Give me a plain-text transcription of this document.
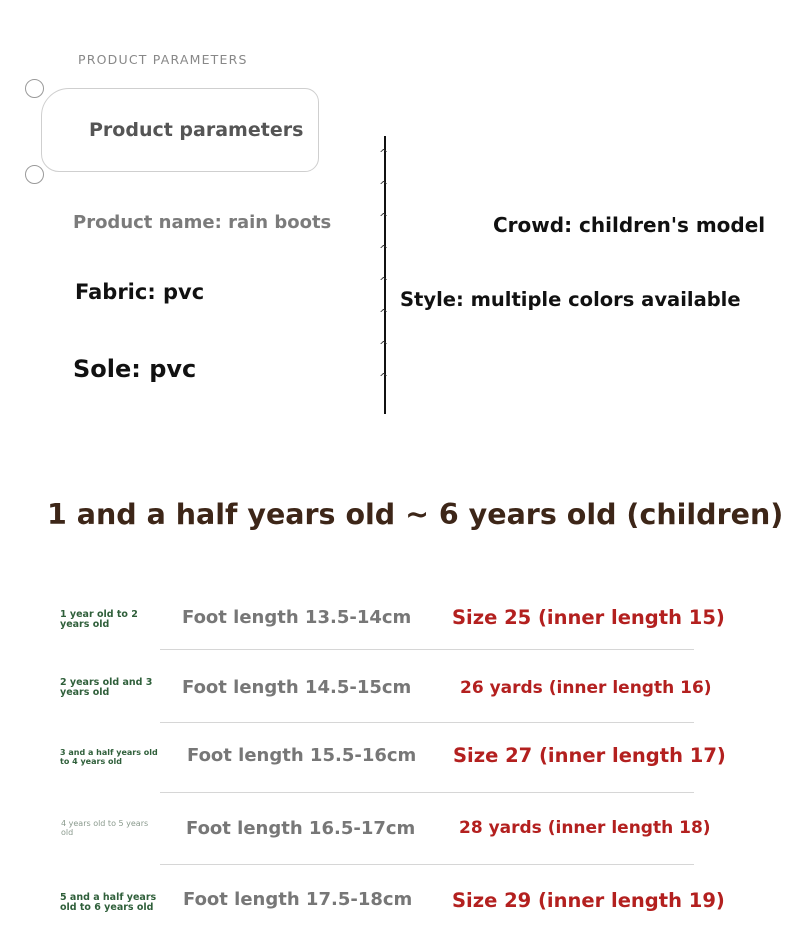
PRODUCT PARAMETERS
Product parameters
Product name: rain boots
Fabric: pvc
Sole: pvc
^
^
^
^
^
^
^
^
Crowd: children's model
Style: multiple colors available
1 and a half years old ~ 6 years old (children)
1 year old to 2 years old	Foot length 13.5-14cm Size 25 (inner length 15)
2 years old and 3 years old	Foot length 14.5-15cm	26 yards (inner length 16)
3 and a half years old to 4 years old	Foot length 15.5-16cm Size 27 (inner length 17)
4 years old to 5 years old	Foot length 16.5-17cm	28 yards (inner length 18)
5 and a half years old to 6 years old	Foot length 17.5-18cm Size 29 (inner length 19)
